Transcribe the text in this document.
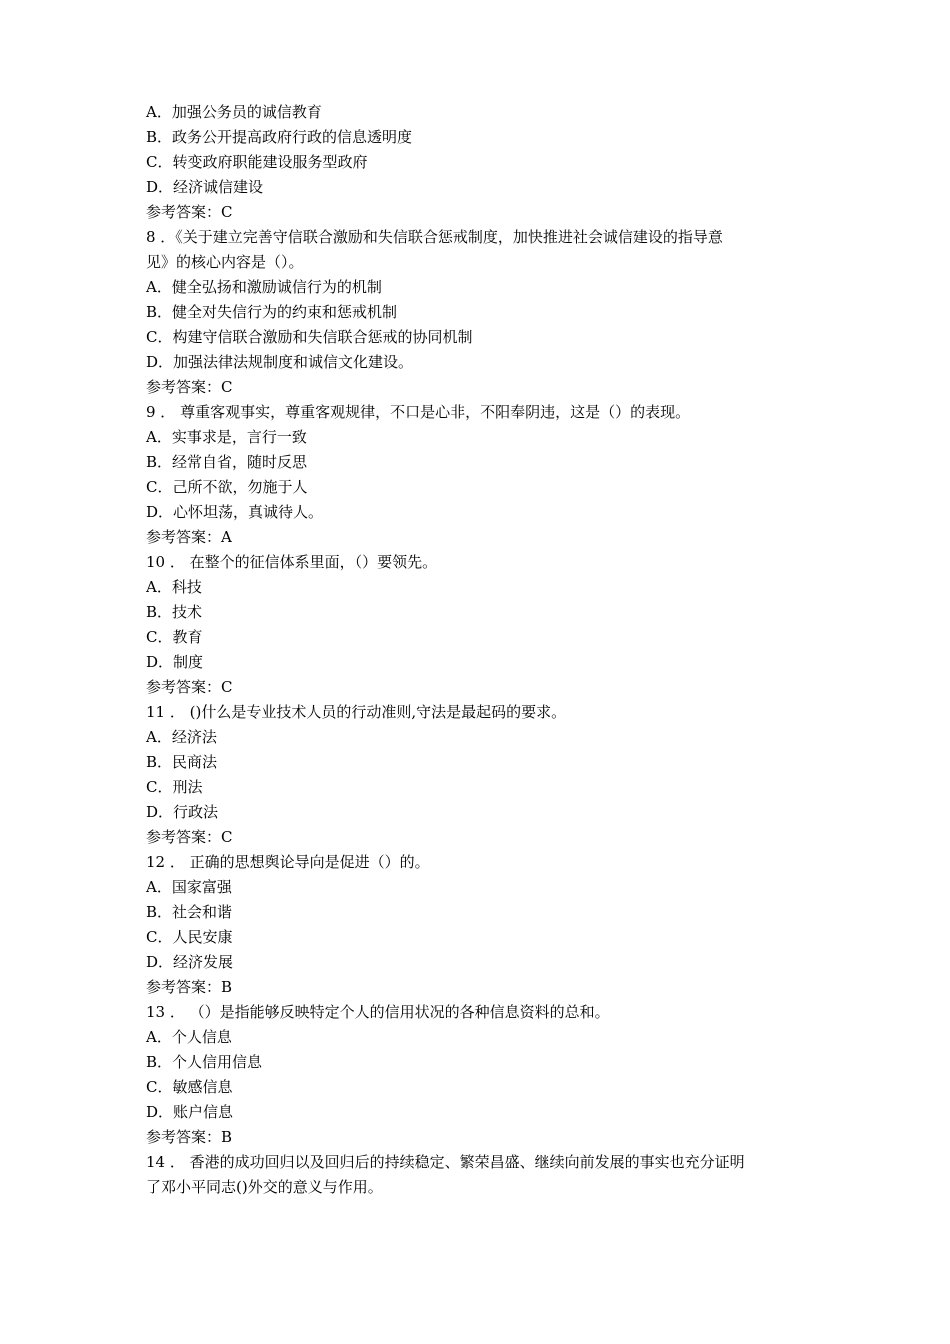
A．加强公务员的诚信教育

B．政务公开提高政府行政的信息透明度

C．转变政府职能建设服务型政府

D．经济诚信建设

参考答案：C

8 ．《关于建立完善守信联合激励和失信联合惩戒制度，加快推进社会诚信建设的指导意

见》的核心内容是（）。

A．健全弘扬和激励诚信行为的机制

B．健全对失信行为的约束和惩戒机制

C．构建守信联合激励和失信联合惩戒的协同机制

D．加强法律法规制度和诚信文化建设。

参考答案：C

9 ． 尊重客观事实，尊重客观规律，不口是心非，不阳奉阴违，这是（）的表现。

A．实事求是，言行一致

B．经常自省，随时反思

C．己所不欲，勿施于人

D．心怀坦荡，真诚待人。

参考答案：A

10 ． 在整个的征信体系里面，（）要领先。

A．科技

B．技术

C．教育

D．制度

参考答案：C

11 ． ()什么是专业技术人员的行动准则,守法是最起码的要求。

A．经济法

B．民商法

C．刑法

D．行政法

参考答案：C

12 ． 正确的思想舆论导向是促进（）的。

A．国家富强

B．社会和谐

C．人民安康

D．经济发展

参考答案：B

13 ． （）是指能够反映特定个人的信用状况的各种信息资料的总和。

A．个人信息

B．个人信用信息

C．敏感信息

D．账户信息

参考答案：B

14 ． 香港的成功回归以及回归后的持续稳定、繁荣昌盛、继续向前发展的事实也充分证明

了邓小平同志()外交的意义与作用。
